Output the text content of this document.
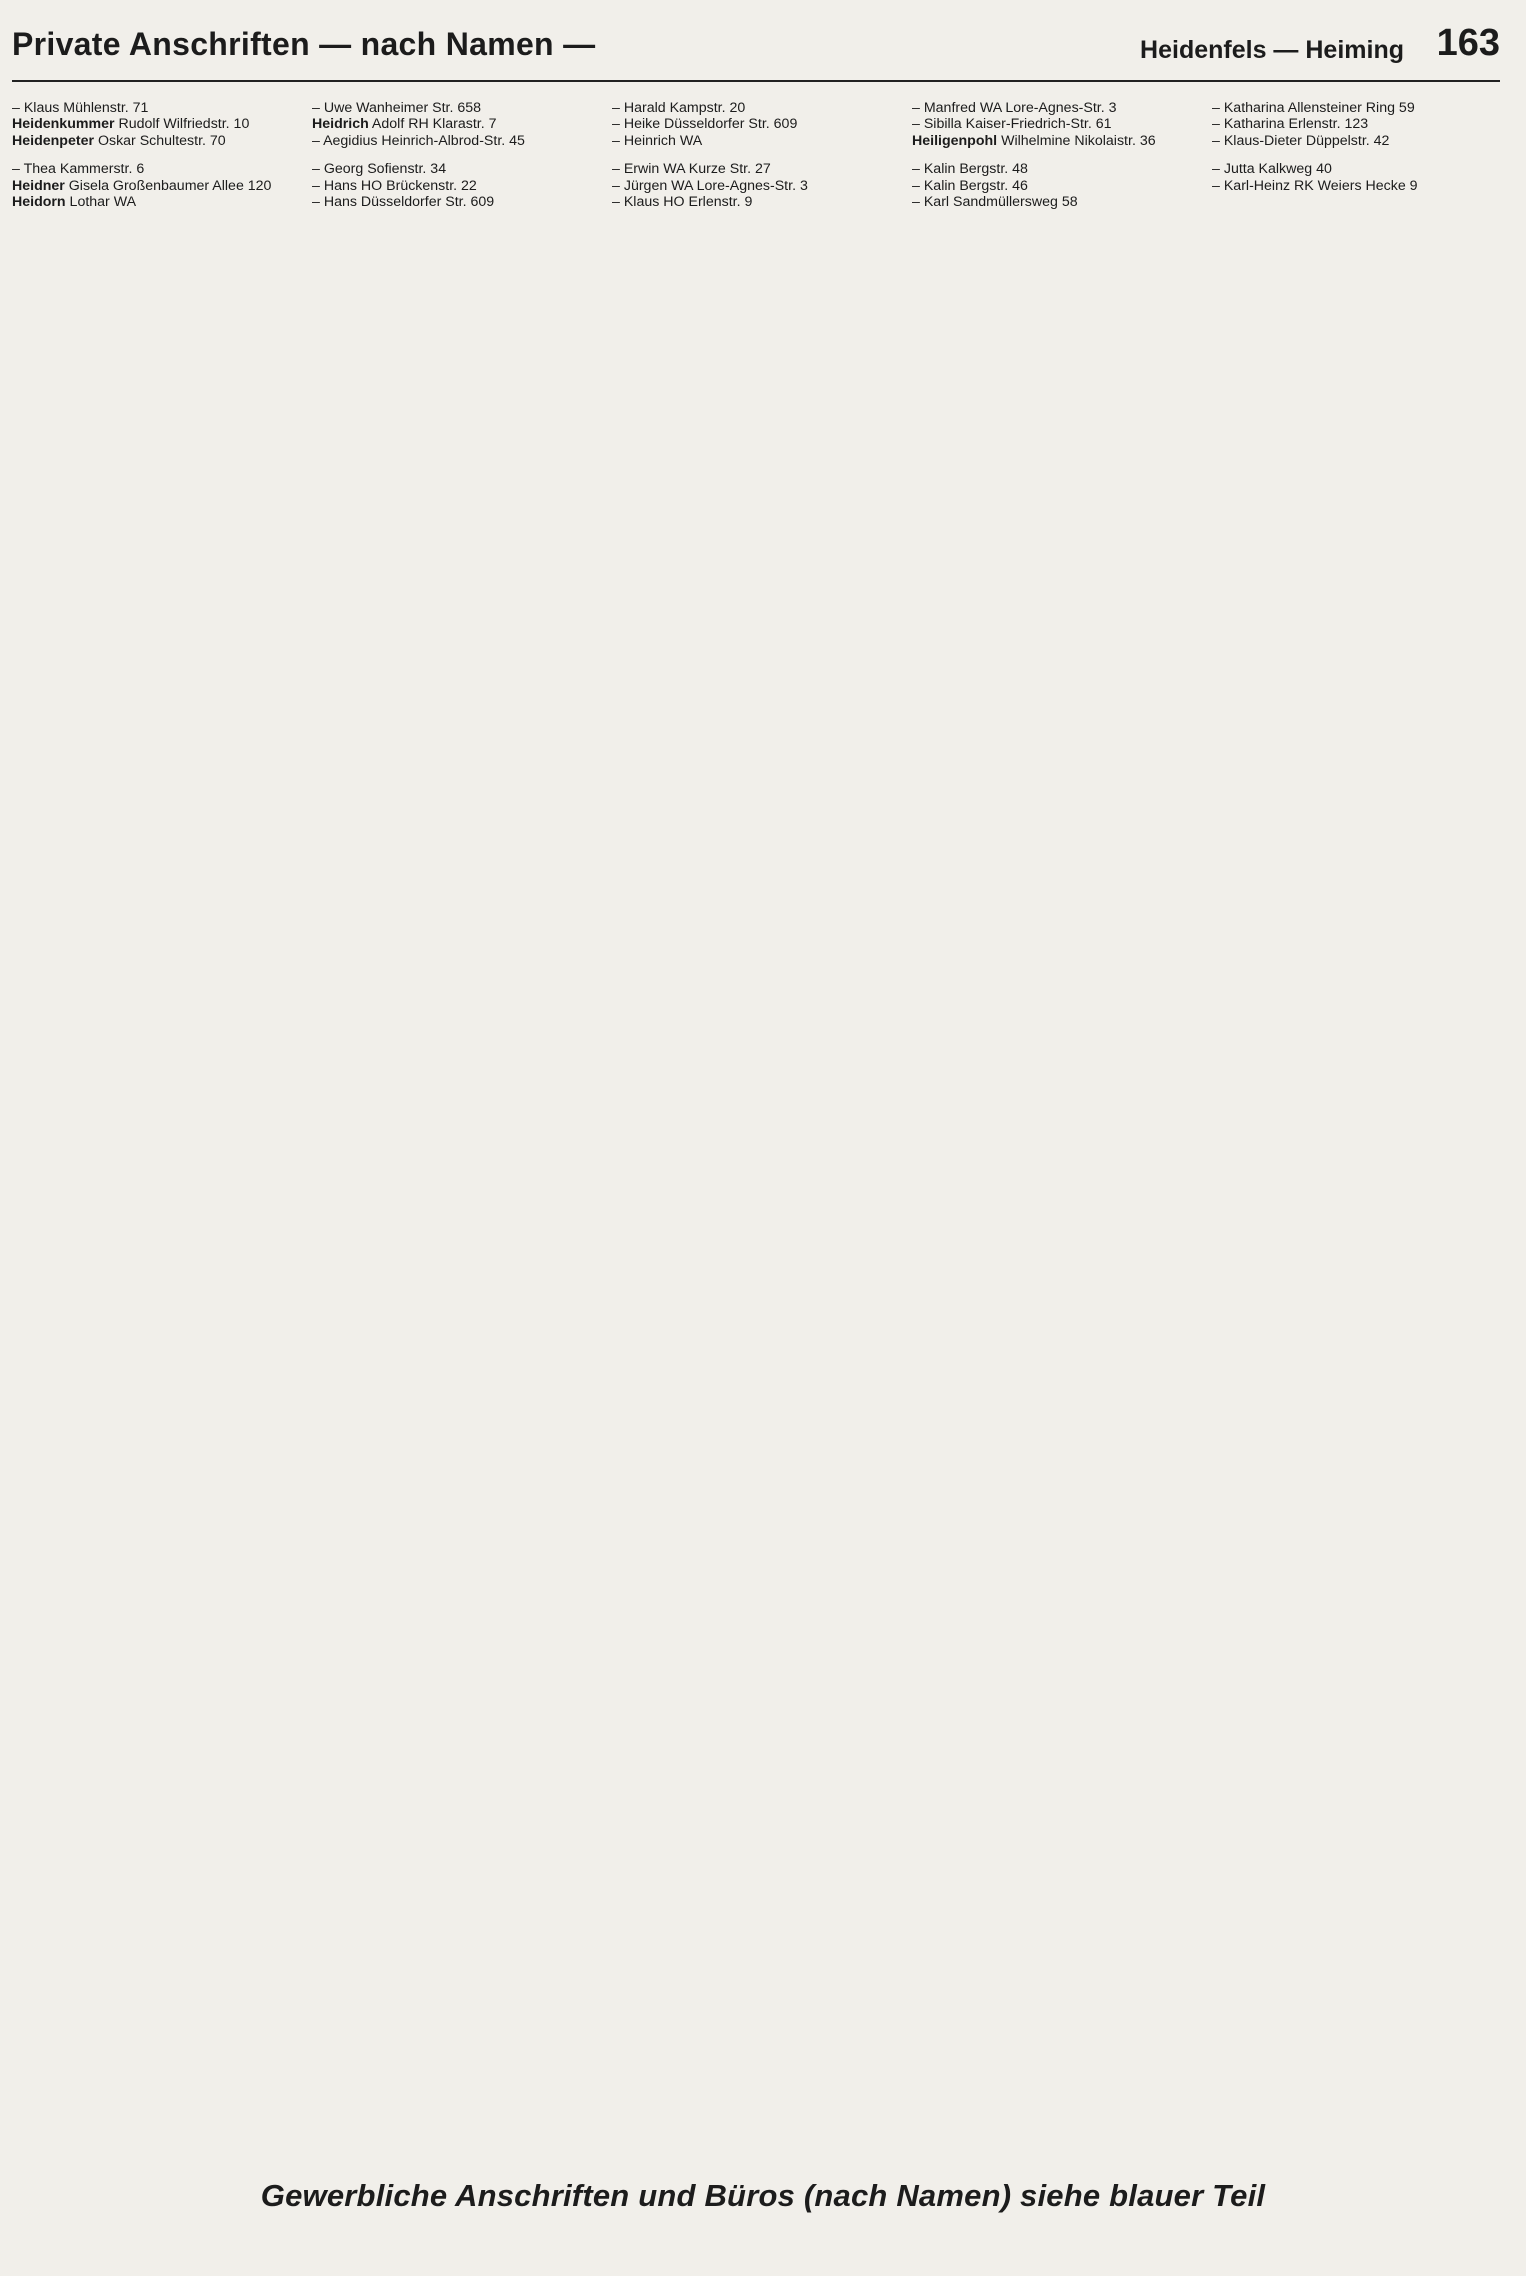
Private Anschriften — nach Namen —	Heidenfels — Heiming 163
– Klaus Mühlenstr. 71
Heidenkummer Rudolf Wilfriedstr. 10
Heidenpeter Oskar Schultestr. 70
– Thea Kammerstr. 6
Heidner Gisela Großenbaumer Allee 120
Heidorn Lothar WA
– Uwe Wanheimer Str. 658
Heidrich Adolf RH Klarastr. 7
– Aegidius Heinrich-Albrod-Str. 45
– Georg Sofienstr. 34
– Hans HO Brückenstr. 22
– Hans Düsseldorfer Str. 609
– Harald Kampstr. 20
– Heike Düsseldorfer Str. 609
– Heinrich WA
– Erwin WA Kurze Str. 27
– Jürgen WA Lore-Agnes-Str. 3
– Klaus HO Erlenstr. 9
– Manfred WA Lore-Agnes-Str. 3
– Sibilla Kaiser-Friedrich-Str. 61
Heiligenpohl Wilhelmine Nikolaistr. 36
– Kalin Bergstr. 48
– Kalin Bergstr. 46
– Karl Sandmüllersweg 58
– Katharina Allensteiner Ring 59
– Katharina Erlenstr. 123
– Klaus-Dieter Düppelstr. 42
– Jutta Kalkweg 40
– Karl-Heinz RK Weiers Hecke 9
Gewerbliche Anschriften und Büros (nach Namen) siehe blauer Teil
